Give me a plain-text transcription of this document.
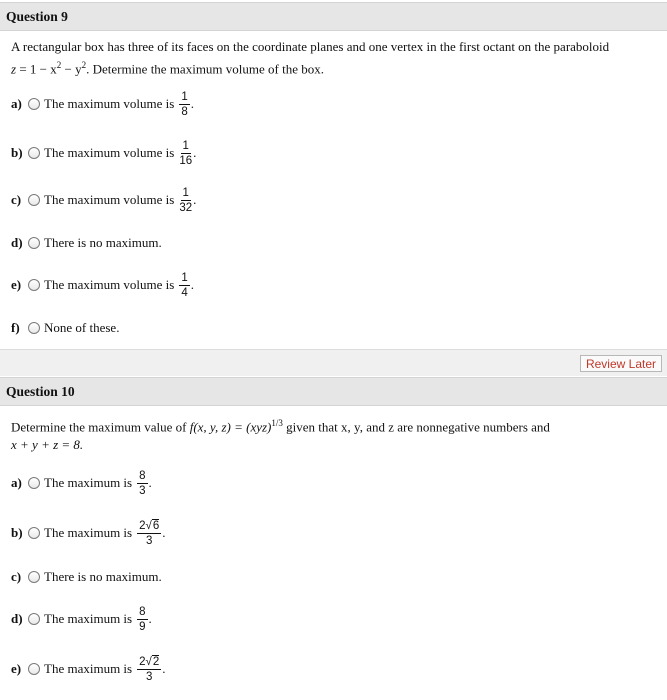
Question 9
A rectangular box has three of its faces on the coordinate planes and one vertex in the first octant on the paraboloid
$z = 1 - x^2 - y^2$. Determine the maximum volume of the box.
a)	The maximum volume is $\frac{1}{8}$ .
b)	The maximum volume is $\frac{1}{16}$ .
c)	The maximum volume is $\frac{1}{32}$ .
d)	There is no maximum.
e)	The maximum volume is $\frac{1}{4}$ .
f)	None of these.
Review Later
Question 10
Determine the maximum value of f(x, y, z) = (xyz)$^{1/3}$ given that x, y, and z are nonnegative numbers and
x + y + z = 8.
a)	The maximum is $\frac{8}{3}$ .
b)	The maximum is $\frac{2√6}{3}$ .
c)	There is no maximum.
d)	The maximum is $\frac{8}{9}$ .
e)	The maximum is $\frac{2√2}{3}$ .
